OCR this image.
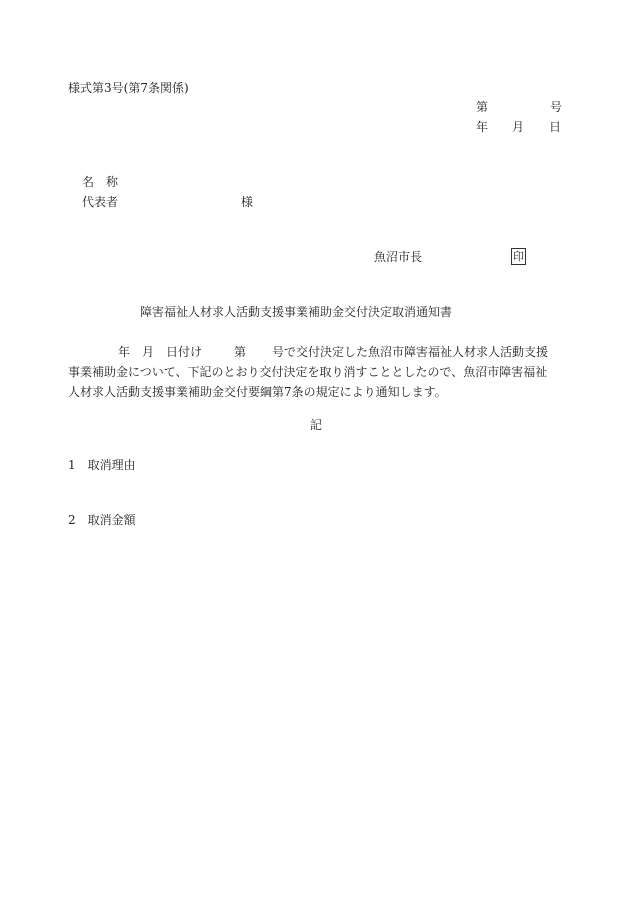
様式第3号(第7条関係)
第	号
年 月 日
名　称
代表者	様
魚沼市長	印
障害福祉人材求人活動支援事業補助金交付決定取消通知書
年　月　日付け	第 号で交付決定した魚沼市障害福祉人材求人活動支援
事業補助金について、下記のとおり交付決定を取り消すこととしたので、魚沼市障害福祉
人材求人活動支援事業補助金交付要綱第7条の規定により通知します。
記
1 取消理由
2 取消金額
